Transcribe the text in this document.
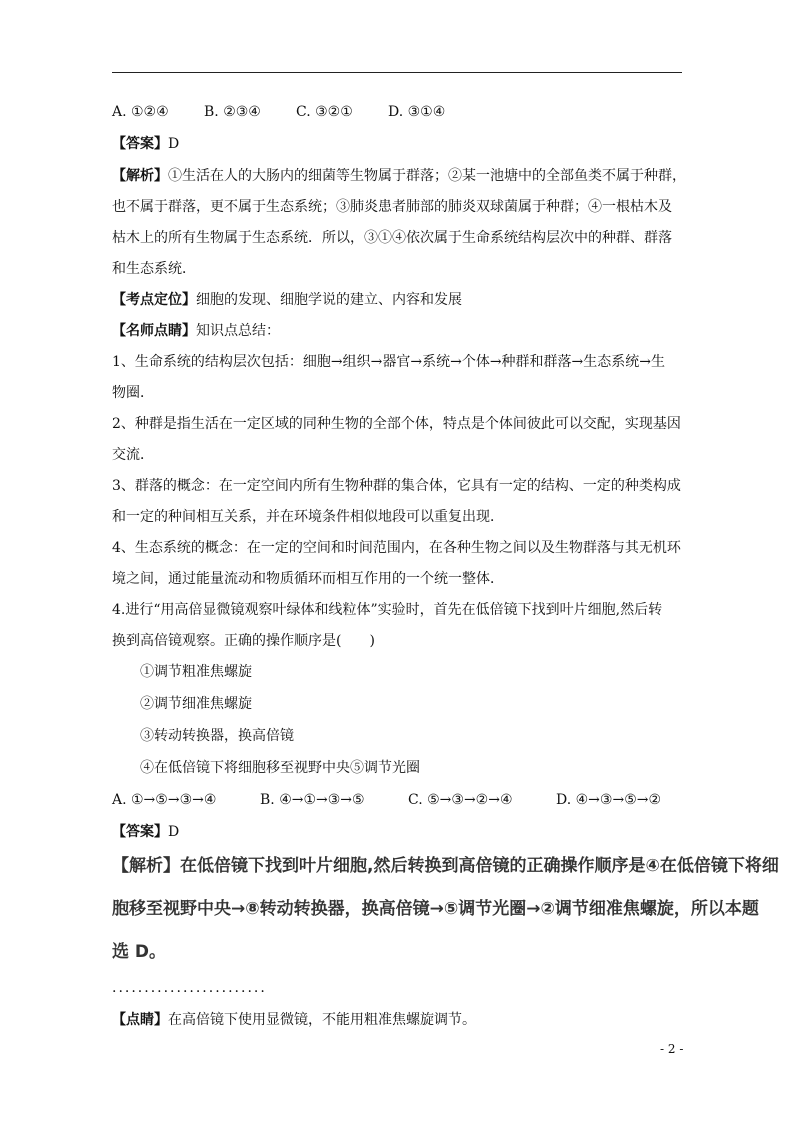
A. ①②④	B. ②③④	C. ③②①	D. ③①④
【答案】D
【解析】①生活在人的大肠内的细菌等生物属于群落；②某一池塘中的全部鱼类不属于种群，
也不属于群落，更不属于生态系统；③肺炎患者肺部的肺炎双球菌属于种群；④一根枯木及
枯木上的所有生物属于生态系统．所以，③①④依次属于生命系统结构层次中的种群、群落
和生态系统．
【考点定位】细胞的发现、细胞学说的建立、内容和发展
【名师点睛】知识点总结：
1、生命系统的结构层次包括：细胞→组织→器官→系统→个体→种群和群落→生态系统→生
物圈．
2、种群是指生活在一定区域的同种生物的全部个体，特点是个体间彼此可以交配，实现基因
交流．
3、群落的概念：在一定空间内所有生物种群的集合体，它具有一定的结构、一定的种类构成
和一定的种间相互关系，并在环境条件相似地段可以重复出现．
4、生态系统的概念：在一定的空间和时间范围内，在各种生物之间以及生物群落与其无机环
境之间，通过能量流动和物质循环而相互作用的一个统一整体．
4.进行“用高倍显微镜观察叶绿体和线粒体”实验时，首先在低倍镜下找到叶片细胞,然后转
换到高倍镜观察。正确的操作顺序是(　　)
①调节粗准焦螺旋
②调节细准焦螺旋
③转动转换器，换高倍镜
④在低倍镜下将细胞移至视野中央⑤调节光圈
A. ①→⑤→③→④	B. ④→①→③→⑤	C. ⑤→③→②→④	D. ④→③→⑤→②
【答案】D
【解析】在低倍镜下找到叶片细胞,然后转换到高倍镜的正确操作顺序是④在低倍镜下将细
胞移至视野中央→⑧转动转换器，换高倍镜→⑤调节光圈→②调节细准焦螺旋，所以本题
选 D。
........................
【点睛】在高倍镜下使用显微镜，不能用粗准焦螺旋调节。
- 2 -
